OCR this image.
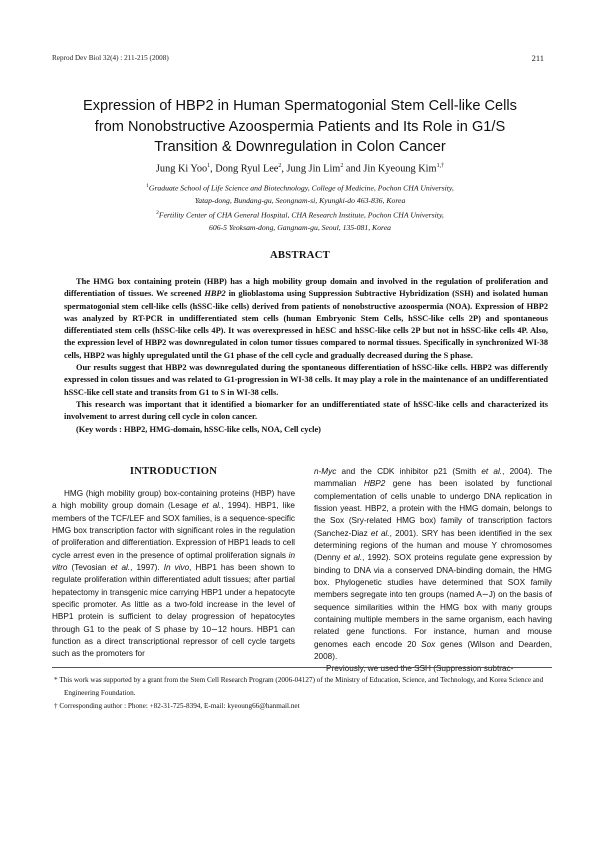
Reprod Dev Biol 32(4) : 211-215 (2008)	211
Expression of HBP2 in Human Spermatogonial Stem Cell-like Cells
from Nonobstructive Azoospermia Patients and Its Role in G1/S
Transition & Downregulation in Colon Cancer
Jung Ki Yoo$^1$, Dong Ryul Lee$^2$, Jung Jin Lim$^2$ and Jin Kyeoung Kim$^{1,\dagger}$
$^1$Graduate School of Life Science and Biotechnology, College of Medicine, Pochon CHA University,
Yatap-dong, Bundang-gu, Seongnam-si, Kyungki-do 463-836, Korea
$^2$Fertility Center of CHA General Hospital, CHA Research Institute, Pochon CHA University,
606-5 Yeoksam-dong, Gangnam-gu, Seoul, 135-081, Korea
ABSTRACT

The HMG box containing protein (HBP) has a high mobility group domain and involved in the regulation of proliferation and differentiation of tissues. We screened HBP2 in glioblastoma using Suppression Subtractive Hybridization (SSH) and isolated human spermatogonial stem cell-like cells (hSSC-like cells) derived from patients of nonobstructive azoospermia (NOA). Expression of HBP2 was analyzed by RT-PCR in undifferentiated stem cells (human Embryonic Stem Cells, hSSC-like cells 2P) and spontaneous differentiated stem cells (hSSC-like cells 4P). It was overexpressed in hESC and hSSC-like cells 2P but not in hSSC-like cells 4P. Also, the expression level of HBP2 was downregulated in colon tumor tissues compared to normal tissues. Specifically in synchronized WI-38 cells, HBP2 was highly upregulated until the G1 phase of the cell cycle and gradually decreased during the S phase.

Our results suggest that HBP2 was downregulated during the spontaneous differentiation of hSSC-like cells. HBP2 was differently expressed in colon tissues and was related to G1-progression in WI-38 cells. It may play a role in the maintenance of an undifferentiated hSSC-like cell state and transits from G1 to S in WI-38 cells.

This research was important that it identified a biomarker for an undifferentiated state of hSSC-like cells and characterized its involvement to arrest during cell cycle in colon cancer.

(Key words : HBP2, HMG-domain, hSSC-like cells, NOA, Cell cycle)

INTRODUCTION

HMG (high mobility group) box-containing proteins (HBP) have a high mobility group domain (Lesage et al., 1994). HBP1, like members of the TCF/LEF and SOX families, is a sequence-specific HMG box transcription factor with significant roles in the regulation of proliferation and differentiation. Expression of HBP1 leads to cell cycle arrest even in the presence of optimal proliferation signals in vitro (Tevosian et al., 1997). In vivo, HBP1 has been shown to regulate proliferation within differentiated adult tissues; after partial hepatectomy in transgenic mice carrying HBP1 under a hepatocyte specific promoter. As little as a two-fold increase in the level of HBP1 protein is sufficient to delay progression of hepatocytes through G1 to the peak of S phase by 10∼12 hours. HBP1 can function as a direct transcriptional repressor of cell cycle targets such as the promoters for

n-Myc and the CDK inhibitor p21 (Smith et al., 2004). The mammalian HBP2 gene has been isolated by functional complementation of cells unable to undergo DNA replication in fission yeast. HBP2, a protein with the HMG domain, belongs to the Sox (Sry-related HMG box) family of transcription factors (Sanchez-Diaz et al., 2001). SRY has been identified in the sex determining regions of the human and mouse Y chromosomes (Denny et al., 1992). SOX proteins regulate gene expression by binding to DNA via a conserved DNA-binding domain, the HMG box. Phylogenetic studies have determined that SOX family members segregate into ten groups (named A∼J) on the basis of sequence similarities within the HMG box with many groups containing multiple members in the same organism, each having related gene functions. For instance, human and mouse genomes each encode 20 Sox genes (Wilson and Dearden, 2008).

Previously, we used the SSH (Suppression subtrac-

* This work was supported by a grant from the Stem Cell Research Program (2006-04127) of the Ministry of Education, Science, and Technology, and Korea Science and Engineering Foundation.

† Corresponding author : Phone: +82-31-725-8394, E-mail: kyeoung66@hanmail.net
